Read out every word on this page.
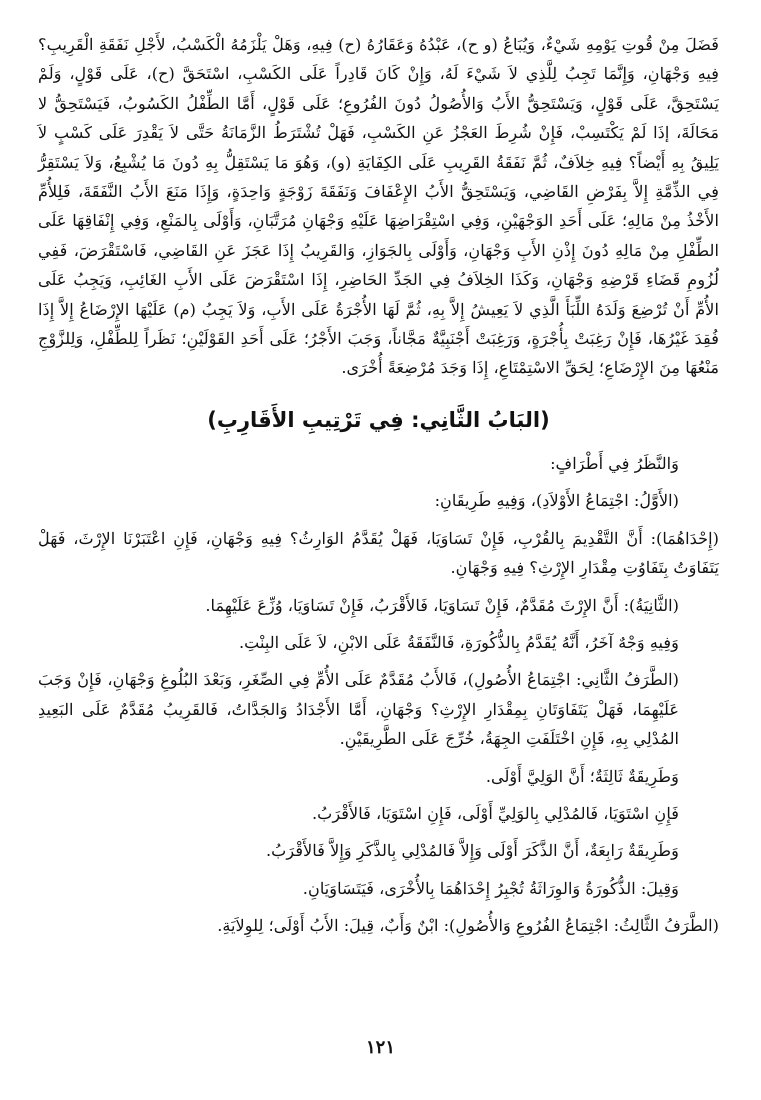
فَضَلَ مِنْ قُوتِ يَوْمِهِ شَيْءٌ، وَيُبَاعُ (و ح)، عَبْدُهُ وَعَقَارُهُ (ح) فِيهِ، وَهَلْ يَلْزَمُهُ الْكَسْبُ، لأَجْلِ نَفَقَةِ الْقَرِيبِ؟ فِيهِ وَجْهَانِ، وَإِنَّمَا تَجِبُ لِلَّذِي لاَ شَيْءَ لَهُ، وَإِنْ كَانَ قَادِراً عَلَى الكَسْبِ، اسْتَحَقَّ (ح)، عَلَى قَوْلٍ، وَلَمْ يَسْتَحِقَّ، عَلَى قَوْلٍ، وَيَسْتَحِقُّ الأَبُ وَالأُصُولُ دُونَ الفُرُوعِ؛ عَلَى قَوْلٍ، أَمَّا الطِّفْلُ الكَسُوبُ، فَيَسْتَحِقُّ لا مَحَالَةَ، إذَا لَمْ يَكْتَسِبْ، فَإِنْ شُرِطَ العَجْزُ عَنِ الكَسْبِ، فَهَلْ تُشْتَرَطُ الزَّمَانَةُ حَتَّى لاَ يَقْدِرَ عَلَى كَسْبٍ لاَ يَلِيقُ بِهِ أَيْضاً؟ فِيهِ خِلاَفٌ، ثُمَّ نَفَقَةُ القَرِيبِ عَلَى الكِفَايَةِ (و)، وَهُوَ مَا يَسْتَقِلُّ بِهِ دُونَ مَا يُشْبِعُ، وَلاَ يَسْتَقِرُّ فِي الذِّمَّةِ إِلاَّ بِفَرْضِ القَاضِي، وَيَسْتَحِقُّ الأَبُ الإِعْفَافَ وَنَفَقَةَ زَوْجَةٍ وَاحِدَةٍ، وَإِذَا مَنَعَ الأَبُ النَّفَقَةَ، فَلِلأُمِّ الأَخْذُ مِنْ مَالِهِ؛ عَلَى أَحَدِ الوَجْهَيْنِ، وَفِي اسْتِقْرَاضِهَا عَلَيْهِ وَجْهَانِ مُرَتَّبَانِ، وَأَوْلَى بِالمَنْعِ، وَفِي إِنْفَاقِهَا عَلَى الطِّفْلِ مِنْ مَالِهِ دُونَ إِذْنِ الأَبِ وَجْهَانِ، وَأَوْلَى بِالجَوَازِ، وَالقَرِيبُ إِذَا عَجَزَ عَنِ القَاضِي، فَاسْتَقْرَضَ، فَفِي لُزُومِ قَضَاءِ قَرْضِهِ وَجْهَانِ، وَكَذَا الخِلاَفُ فِي الجَدِّ الحَاضِرِ، إِذَا اسْتَقْرَضَ عَلَى الأَبِ الغَائِبِ، وَيَجِبُ عَلَى الأُمِّ أَنْ تُرْضِعَ وَلَدَهُ اللِّبَأَ الَّذِي لاَ يَعِيشُ إِلاَّ بِهِ، ثُمَّ لَهَا الأُجْرَةُ عَلَى الأَبِ، وَلاَ يَجِبُ (م) عَلَيْهَا الإِرْضَاعُ إِلاَّ إِذَا فُقِدَ غَيْرُهَا، فَإِنْ رَغِبَتْ بِأُجْرَةٍ، وَرَغِبَتْ أَجْنَبِيَّةٌ مَجَّاناً، وَجَبَ الأَجْرُ؛ عَلَى أَحَدِ القَوْلَيْنِ؛ نَظَراً لِلطِّفْلِ، وَلِلزَّوْجِ مَنْعُهَا مِنَ الإِرْضَاعِ؛ لِحَقِّ الاسْتِمْتَاعِ، إِذَا وَجَدَ مُرْضِعَةً أُخْرَى.

(البَابُ الثَّانِي: فِي تَرْتِيبِ الأَقَارِبِ)

وَالنَّظَرُ فِي أَطْرَافٍ:

(الأَوَّلُ: اجْتِمَاعُ الأَوْلاَدِ)، وَفِيهِ طَرِيقَانِ:

(إِحْدَاهُمَا): أَنَّ التَّقْدِيمَ بِالقُرْبِ، فَإِنْ تَسَاوَيَا، فَهَلْ يُقَدَّمُ الوَارِثُ؟ فِيهِ وَجْهَانِ، فَإِنِ اعْتَبَرْنَا الإِرْثَ، فَهَلْ يَتَفَاوَتُ بِتَفَاوُتِ مِقْدَارِ الإِرْثِ؟ فِيهِ وَجْهَانِ.

(الثَّانِيَةُ): أَنَّ الإِرْثَ مُقَدَّمٌ، فَإِنْ تَسَاوَيَا، فَالأَقْرَبُ، فَإِنْ تَسَاوَيَا، وُزِّعَ عَلَيْهِمَا.

وَفِيهِ وَجْهٌ آخَرُ، أَنَّهُ يُقَدَّمُ بِالذُّكُورَةِ، فَالنَّفَقَةُ عَلَى الابْنِ، لاَ عَلَى البِنْتِ.

(الطَّرَفُ الثَّانِي: اجْتِمَاعُ الأُصُولِ)، فَالأَبُ مُقَدَّمٌ عَلَى الأُمِّ فِي الصِّغَرِ، وَبَعْدَ البُلُوغِ وَجْهَانِ، فَإِنْ وَجَبَ عَلَيْهِمَا، فَهَلْ يَتَفَاوَتَانِ بِمِقْدَارِ الإِرْثِ؟ وَجْهَانِ، أَمَّا الأَجْدَادُ وَالجَدَّاتُ، فَالقَرِيبُ مُقَدَّمٌ عَلَى البَعِيدِ المُدْلِي بِهِ، فَإِنِ اخْتَلَفَتِ الجِهَةُ، خُرِّجَ عَلَى الطَّرِيقَيْنِ.

وَطَرِيقَةٌ ثَالِثَةٌ؛ أَنَّ الوَلِيَّ أَوْلَى.

فَإِنِ اسْتَوَيَا، فَالمُدْلِي بِالوَلِيِّ أَوْلَى، فَإِنِ اسْتَوَيَا، فَالأَقْرَبُ.

وَطَرِيقَةٌ رَابِعَةٌ، أَنَّ الذَّكَرَ أَوْلَى وَإِلاَّ فَالمُدْلِي بِالذَّكَرِ وَإِلاَّ فَالأَقْرَبُ.

وَقِيلَ: الذُّكُورَةُ وَالوِرَاثَةُ تُجْبِرُ إِحْدَاهُمَا بِالأُخْرَى، فَيَتَسَاوَيَانِ.

(الطَّرَفُ الثَّالِثُ: اجْتِمَاعُ الفُرُوعِ وَالأُصُولِ): ابْنٌ وَأَبٌ، قِيلَ: الأَبُ أَوْلَى؛ لِلوِلاَيَةِ.

١٢١
